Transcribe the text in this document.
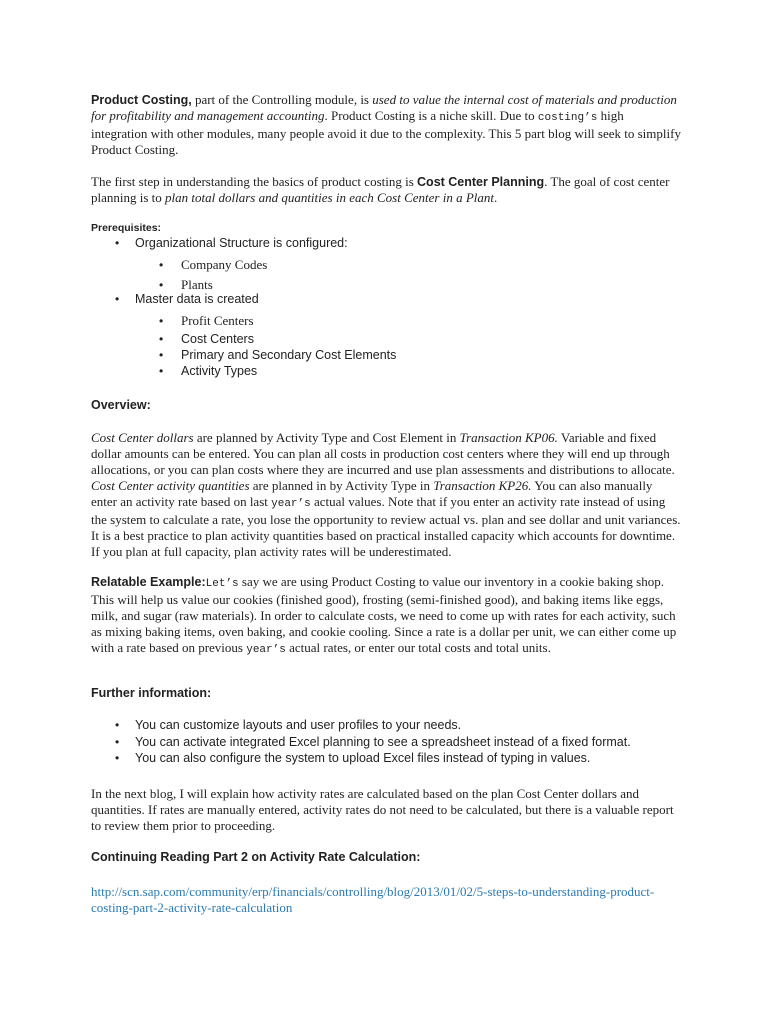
Product Costing, part of the Controlling module, is used to value the internal cost of materials and production for profitability and management accounting. Product Costing is a niche skill. Due to costing’s high integration with other modules, many people avoid it due to the complexity. This 5 part blog will seek to simplify Product Costing.

The first step in understanding the basics of product costing is Cost Center Planning. The goal of cost center planning is to plan total dollars and quantities in each Cost Center in a Plant.

Prerequisites:
• Organizational Structure is configured:
• Company Codes
• Plants
• Master data is created
• Profit Centers
• Cost Centers
• Primary and Secondary Cost Elements
• Activity Types
Overview:

Cost Center dollars are planned by Activity Type and Cost Element in Transaction KP06. Variable and fixed dollar amounts can be entered. You can plan all costs in production cost centers where they will end up through allocations, or you can plan costs where they are incurred and use plan assessments and distributions to allocate. Cost Center activity quantities are planned in by Activity Type in Transaction KP26. You can also manually enter an activity rate based on last year’s actual values. Note that if you enter an activity rate instead of using the system to calculate a rate, you lose the opportunity to review actual vs. plan and see dollar and unit variances. It is a best practice to plan activity quantities based on practical installed capacity which accounts for downtime. If you plan at full capacity, plan activity rates will be underestimated.

Relatable Example:Let’s say we are using Product Costing to value our inventory in a cookie baking shop. This will help us value our cookies (finished good), frosting (semi-finished good), and baking items like eggs, milk, and sugar (raw materials). In order to calculate costs, we need to come up with rates for each activity, such as mixing baking items, oven baking, and cookie cooling. Since a rate is a dollar per unit, we can either come up with a rate based on previous year’s actual rates, or enter our total costs and total units.

Further information:
• You can customize layouts and user profiles to your needs.
• You can activate integrated Excel planning to see a spreadsheet instead of a fixed format.
• You can also configure the system to upload Excel files instead of typing in values.

In the next blog, I will explain how activity rates are calculated based on the plan Cost Center dollars and quantities. If rates are manually entered, activity rates do not need to be calculated, but there is a valuable report to review them prior to proceeding.

Continuing Reading Part 2 on Activity Rate Calculation:
http://scn.sap.com/community/erp/financials/controlling/blog/2013/01/02/5-steps-to-understanding-product-costing-part-2-activity-rate-calculation
